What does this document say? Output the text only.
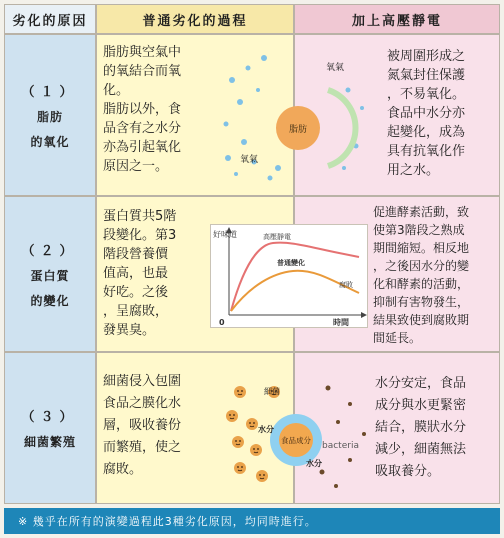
劣化的原因	普通劣化的過程	加上高壓靜電
（１）
脂肪
的氧化
脂肪與空氣中
的氧結合而氧
化。
脂肪以外，食
品含有之水分
亦為引起氧化
原因之一。
被周圍形成之
氮氣封住保護
，不易氧化。
食品中水分亦
起變化，成為
具有抗氧化作
用之水。
脂肪
氧氣
氧氣
（２）
蛋白質
的變化
蛋白質共5階
段變化。第3
階段營養價
值高，也最
好吃。之後
，呈腐敗，
發異臭。
促進酵素活動，致
使第3階段之熟成
期間縮短。相反地
，之後因水分的變
化和酵素的活動，
抑制有害物發生，
結果致使到腐敗期
間延長。
好味道
時間
0
高壓靜電
普通變化
腐敗
（３）
細菌繁殖
細菌侵入包圍
食品之膜化水
層，吸收養份
而繁殖，使之
腐敗。
水分安定，食品
成分與水更緊密
結合，膜狀水分
減少，細菌無法
吸取養分。
食品成分
細菌
水分
水分
bacteria
※ 幾乎在所有的演變過程此3種劣化原因，均同時進行。
